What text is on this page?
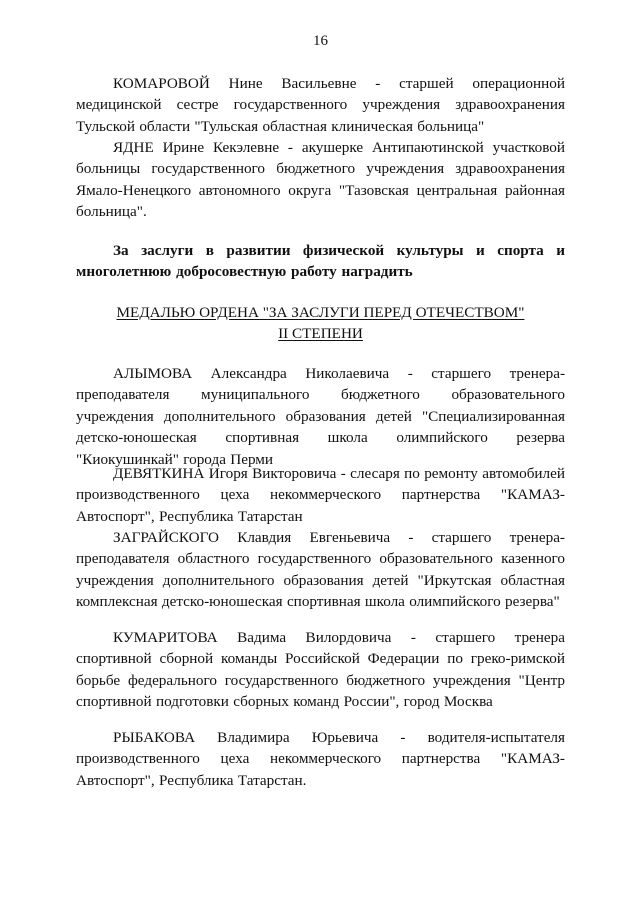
16

КОМАРОВОЙ Нине Васильевне - старшей операционной медицинской сестре государственного учреждения здравоохранения Тульской области "Тульская областная клиническая больница"

ЯДНЕ Ирине Кекэлевне - акушерке Антипаютинской участковой больницы государственного бюджетного учреждения здравоохранения Ямало-Ненецкого автономного округа "Тазовская центральная районная больница".

За заслуги в развитии физической культуры и спорта и многолетнюю добросовестную работу наградить

МЕДАЛЬЮ ОРДЕНА "ЗА ЗАСЛУГИ ПЕРЕД ОТЕЧЕСТВОМ"

II СТЕПЕНИ

АЛЫМОВА Александра Николаевича - старшего тренера-преподавателя муниципального бюджетного образовательного учреждения дополнительного образования детей "Специализированная детско-юношеская спортивная школа олимпийского резерва "Киокушинкай" города Перми

ДЕВЯТКИНА Игоря Викторовича - слесаря по ремонту автомобилей производственного цеха некоммерческого партнерства "КАМАЗ-Автоспорт", Республика Татарстан

ЗАГРАЙСКОГО Клавдия Евгеньевича - старшего тренера-преподавателя областного государственного образовательного казенного учреждения дополнительного образования детей "Иркутская областная комплексная детско-юношеская спортивная школа олимпийского резерва"

КУМАРИТОВА Вадима Вилордовича - старшего тренера спортивной сборной команды Российской Федерации по греко-римской борьбе федерального государственного бюджетного учреждения "Центр спортивной подготовки сборных команд России", город Москва

РЫБАКОВА Владимира Юрьевича - водителя-испытателя производственного цеха некоммерческого партнерства "КАМАЗ-Автоспорт", Республика Татарстан.
